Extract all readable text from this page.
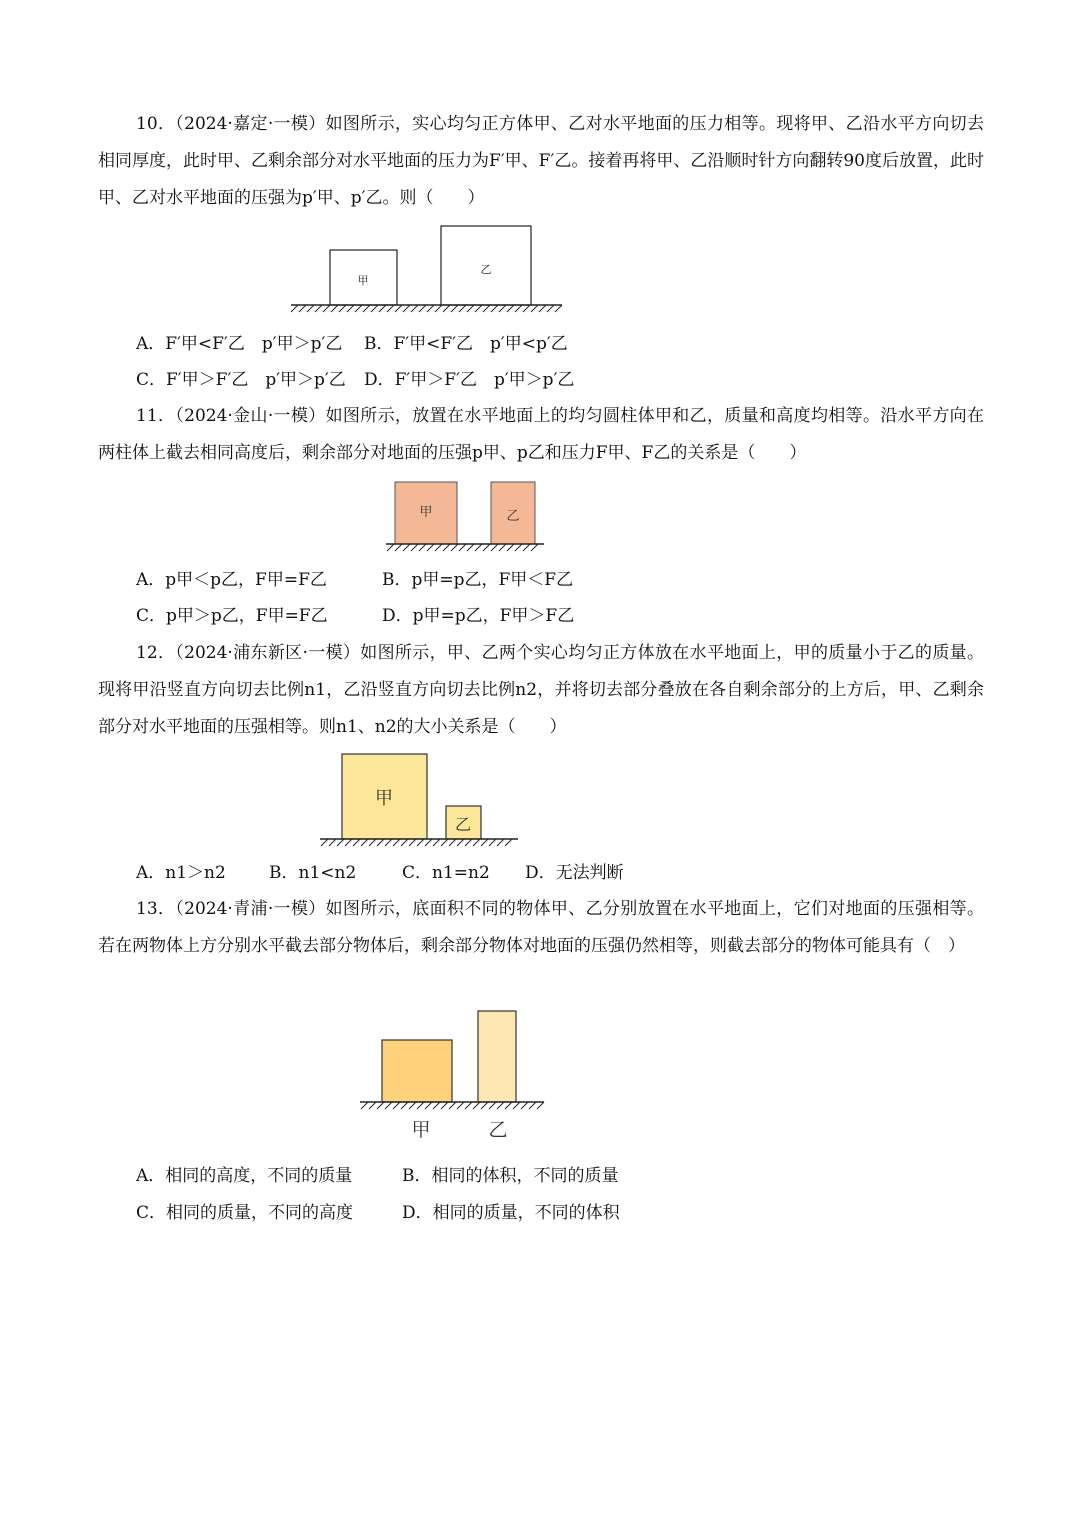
10．（2024·嘉定·一模）如图所示，实心均匀正方体甲、乙对水平地面的压力相等。现将甲、乙沿水平方向切去相同厚度，此时甲、乙剩余部分对水平地面的压力为F′甲、F′乙。接着再将甲、乙沿顺时针方向翻转90度后放置，此时甲、乙对水平地面的压强为p′甲、p′乙。则（　　）

甲
乙
A．F′甲<F′乙　p′甲＞p′乙 B．F′甲<F′乙　p′甲<p′乙
C．F′甲＞F′乙　p′甲＞p′乙 D．F′甲＞F′乙　p′甲＞p′乙

11．（2024·金山·一模）如图所示，放置在水平地面上的均匀圆柱体甲和乙，质量和高度均相等。沿水平方向在两柱体上截去相同高度后，剩余部分对地面的压强p甲、p乙和压力F甲、F乙的关系是（　　）

甲	乙
A．p甲＜p乙，F甲=F乙	B．p甲=p乙，F甲＜F乙
C．p甲＞p乙，F甲=F乙	D．p甲=p乙，F甲＞F乙

12．（2024·浦东新区·一模）如图所示，甲、乙两个实心均匀正方体放在水平地面上，甲的质量小于乙的质量。现将甲沿竖直方向切去比例n1，乙沿竖直方向切去比例n2，并将切去部分叠放在各自剩余部分的上方后，甲、乙剩余部分对水平地面的压强相等。则n1、n2的大小关系是（　　）

甲
乙
A．n1＞n2	B．n1<n2	C．n1=n2 D．无法判断

13．（2024·青浦·一模）如图所示，底面积不同的物体甲、乙分别放置在水平地面上，它们对地面的压强相等。若在两物体上方分别水平截去部分物体后，剩余部分物体对地面的压强仍然相等，则截去部分的物体可能具有（　）

甲	乙
A．相同的高度，不同的质量	B．相同的体积，不同的质量
C．相同的质量，不同的高度	D．相同的质量，不同的体积
